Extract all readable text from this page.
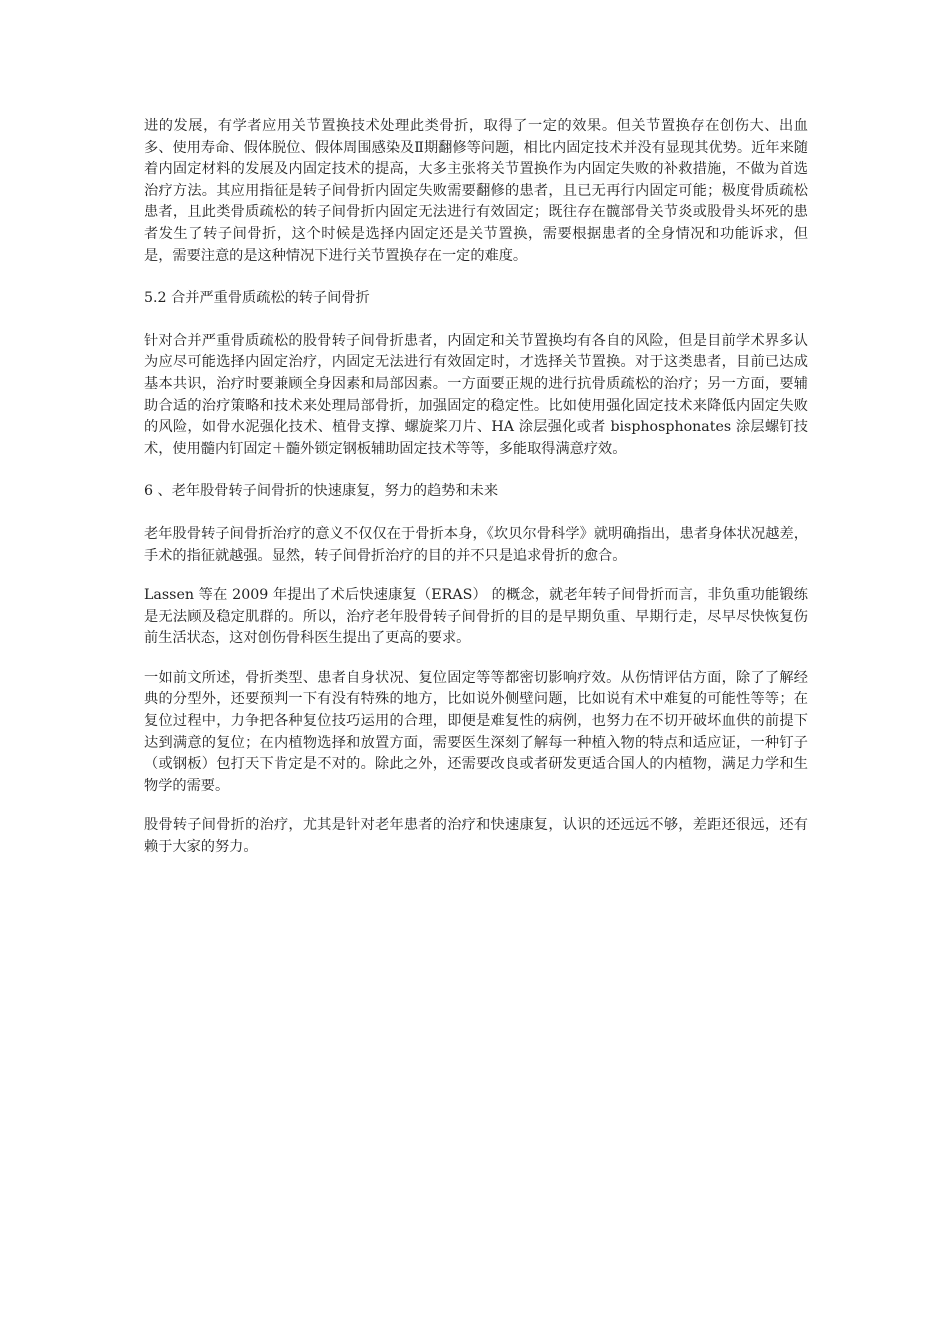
进的发展，有学者应用关节置换技术处理此类骨折，取得了一定的效果。但关节置换存在创伤大、出血多、使用寿命、假体脱位、假体周围感染及Ⅱ期翻修等问题，相比内固定技术并没有显现其优势。近年来随着内固定材料的发展及内固定技术的提高，大多主张将关节置换作为内固定失败的补救措施，不做为首选治疗方法。其应用指征是转子间骨折内固定失败需要翻修的患者，且已无再行内固定可能；极度骨质疏松患者，且此类骨质疏松的转子间骨折内固定无法进行有效固定；既往存在髋部骨关节炎或股骨头坏死的患者发生了转子间骨折，这个时候是选择内固定还是关节置换，需要根据患者的全身情况和功能诉求，但是，需要注意的是这种情况下进行关节置换存在一定的难度。

5.2 合并严重骨质疏松的转子间骨折

针对合并严重骨质疏松的股骨转子间骨折患者，内固定和关节置换均有各自的风险，但是目前学术界多认为应尽可能选择内固定治疗，内固定无法进行有效固定时，才选择关节置换。对于这类患者，目前已达成基本共识，治疗时要兼顾全身因素和局部因素。一方面要正规的进行抗骨质疏松的治疗；另一方面，要辅助合适的治疗策略和技术来处理局部骨折，加强固定的稳定性。比如使用强化固定技术来降低内固定失败的风险，如骨水泥强化技术、植骨支撑、螺旋桨刀片、HA 涂层强化或者 bisphosphonates 涂层螺钉技术，使用髓内钉固定＋髓外锁定钢板辅助固定技术等等，多能取得满意疗效。

6 、老年股骨转子间骨折的快速康复，努力的趋势和未来

老年股骨转子间骨折治疗的意义不仅仅在于骨折本身，《坎贝尔骨科学》就明确指出，患者身体状况越差，手术的指征就越强。显然，转子间骨折治疗的目的并不只是追求骨折的愈合。

Lassen 等在 2009 年提出了术后快速康复（ERAS） 的概念，就老年转子间骨折而言，非负重功能锻练是无法顾及稳定肌群的。所以，治疗老年股骨转子间骨折的目的是早期负重、早期行走，尽早尽快恢复伤前生活状态，这对创伤骨科医生提出了更高的要求。

一如前文所述，骨折类型、患者自身状况、复位固定等等都密切影响疗效。从伤情评估方面，除了了解经典的分型外，还要预判一下有没有特殊的地方，比如说外侧壁问题，比如说有术中难复的可能性等等；在复位过程中，力争把各种复位技巧运用的合理，即便是难复性的病例，也努力在不切开破坏血供的前提下达到满意的复位；在内植物选择和放置方面，需要医生深刻了解每一种植入物的特点和适应证，一种钉子（或钢板）包打天下肯定是不对的。除此之外，还需要改良或者研发更适合国人的内植物，满足力学和生物学的需要。

股骨转子间骨折的治疗，尤其是针对老年患者的治疗和快速康复，认识的还远远不够，差距还很远，还有赖于大家的努力。
